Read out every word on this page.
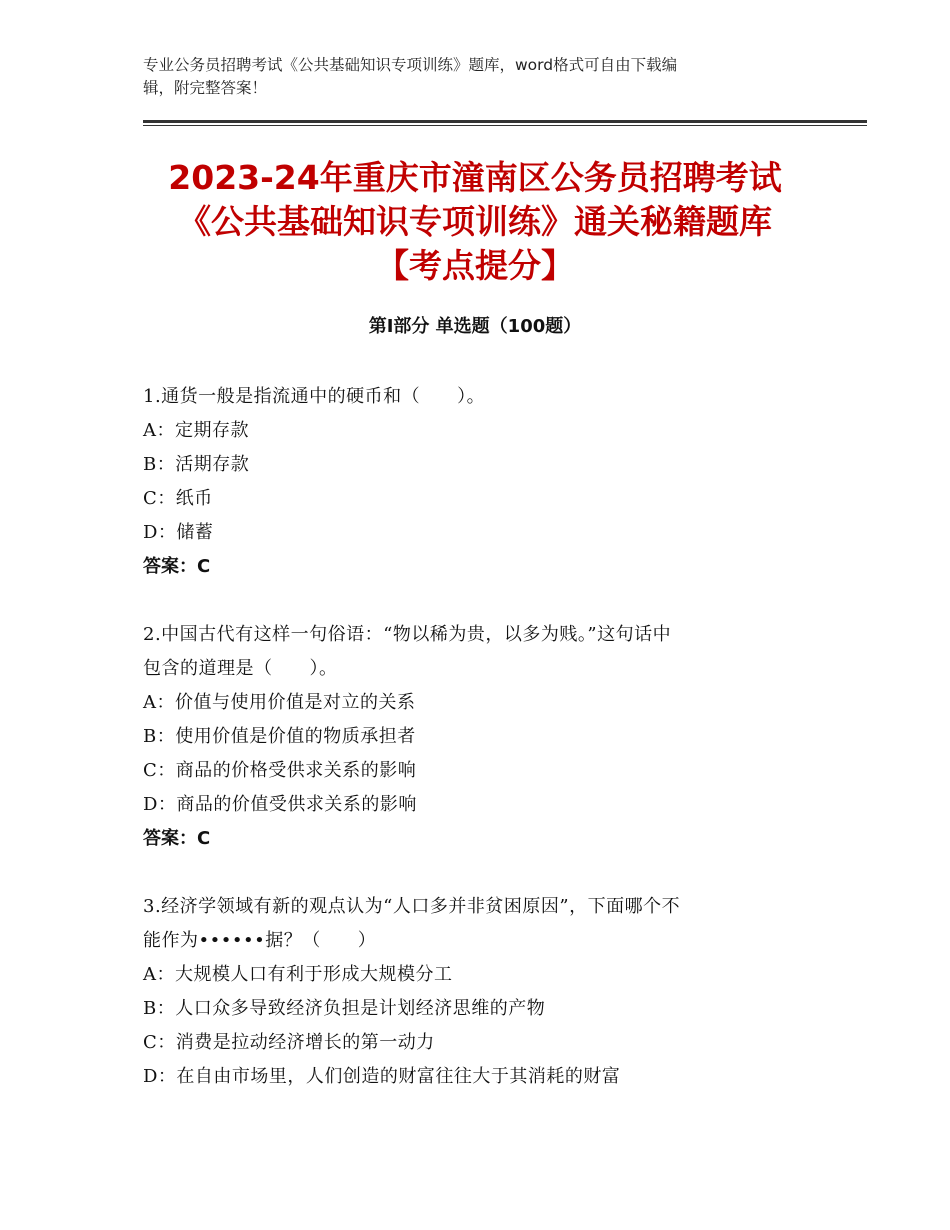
专业公务员招聘考试《公共基础知识专项训练》题库，word格式可自由下载编
辑，附完整答案！
2023-24年重庆市潼南区公务员招聘考试
《公共基础知识专项训练》通关秘籍题库
【考点提分】
第Ⅰ部分 单选题（100题）
1.通货一般是指流通中的硬币和（　　）。
A：定期存款
B：活期存款
C：纸币
D：储蓄
答案：C
2.中国古代有这样一句俗语：“物以稀为贵，以多为贱。”这句话中
包含的道理是（　　）。
A：价值与使用价值是对立的关系
B：使用价值是价值的物质承担者
C：商品的价格受供求关系的影响
D：商品的价值受供求关系的影响
答案：C
3.经济学领域有新的观点认为“人口多并非贫困原因”，下面哪个不
能作为••••••据？（　　）
A：大规模人口有利于形成大规模分工
B：人口众多导致经济负担是计划经济思维的产物
C：消费是拉动经济增长的第一动力
D：在自由市场里，人们创造的财富往往大于其消耗的财富
